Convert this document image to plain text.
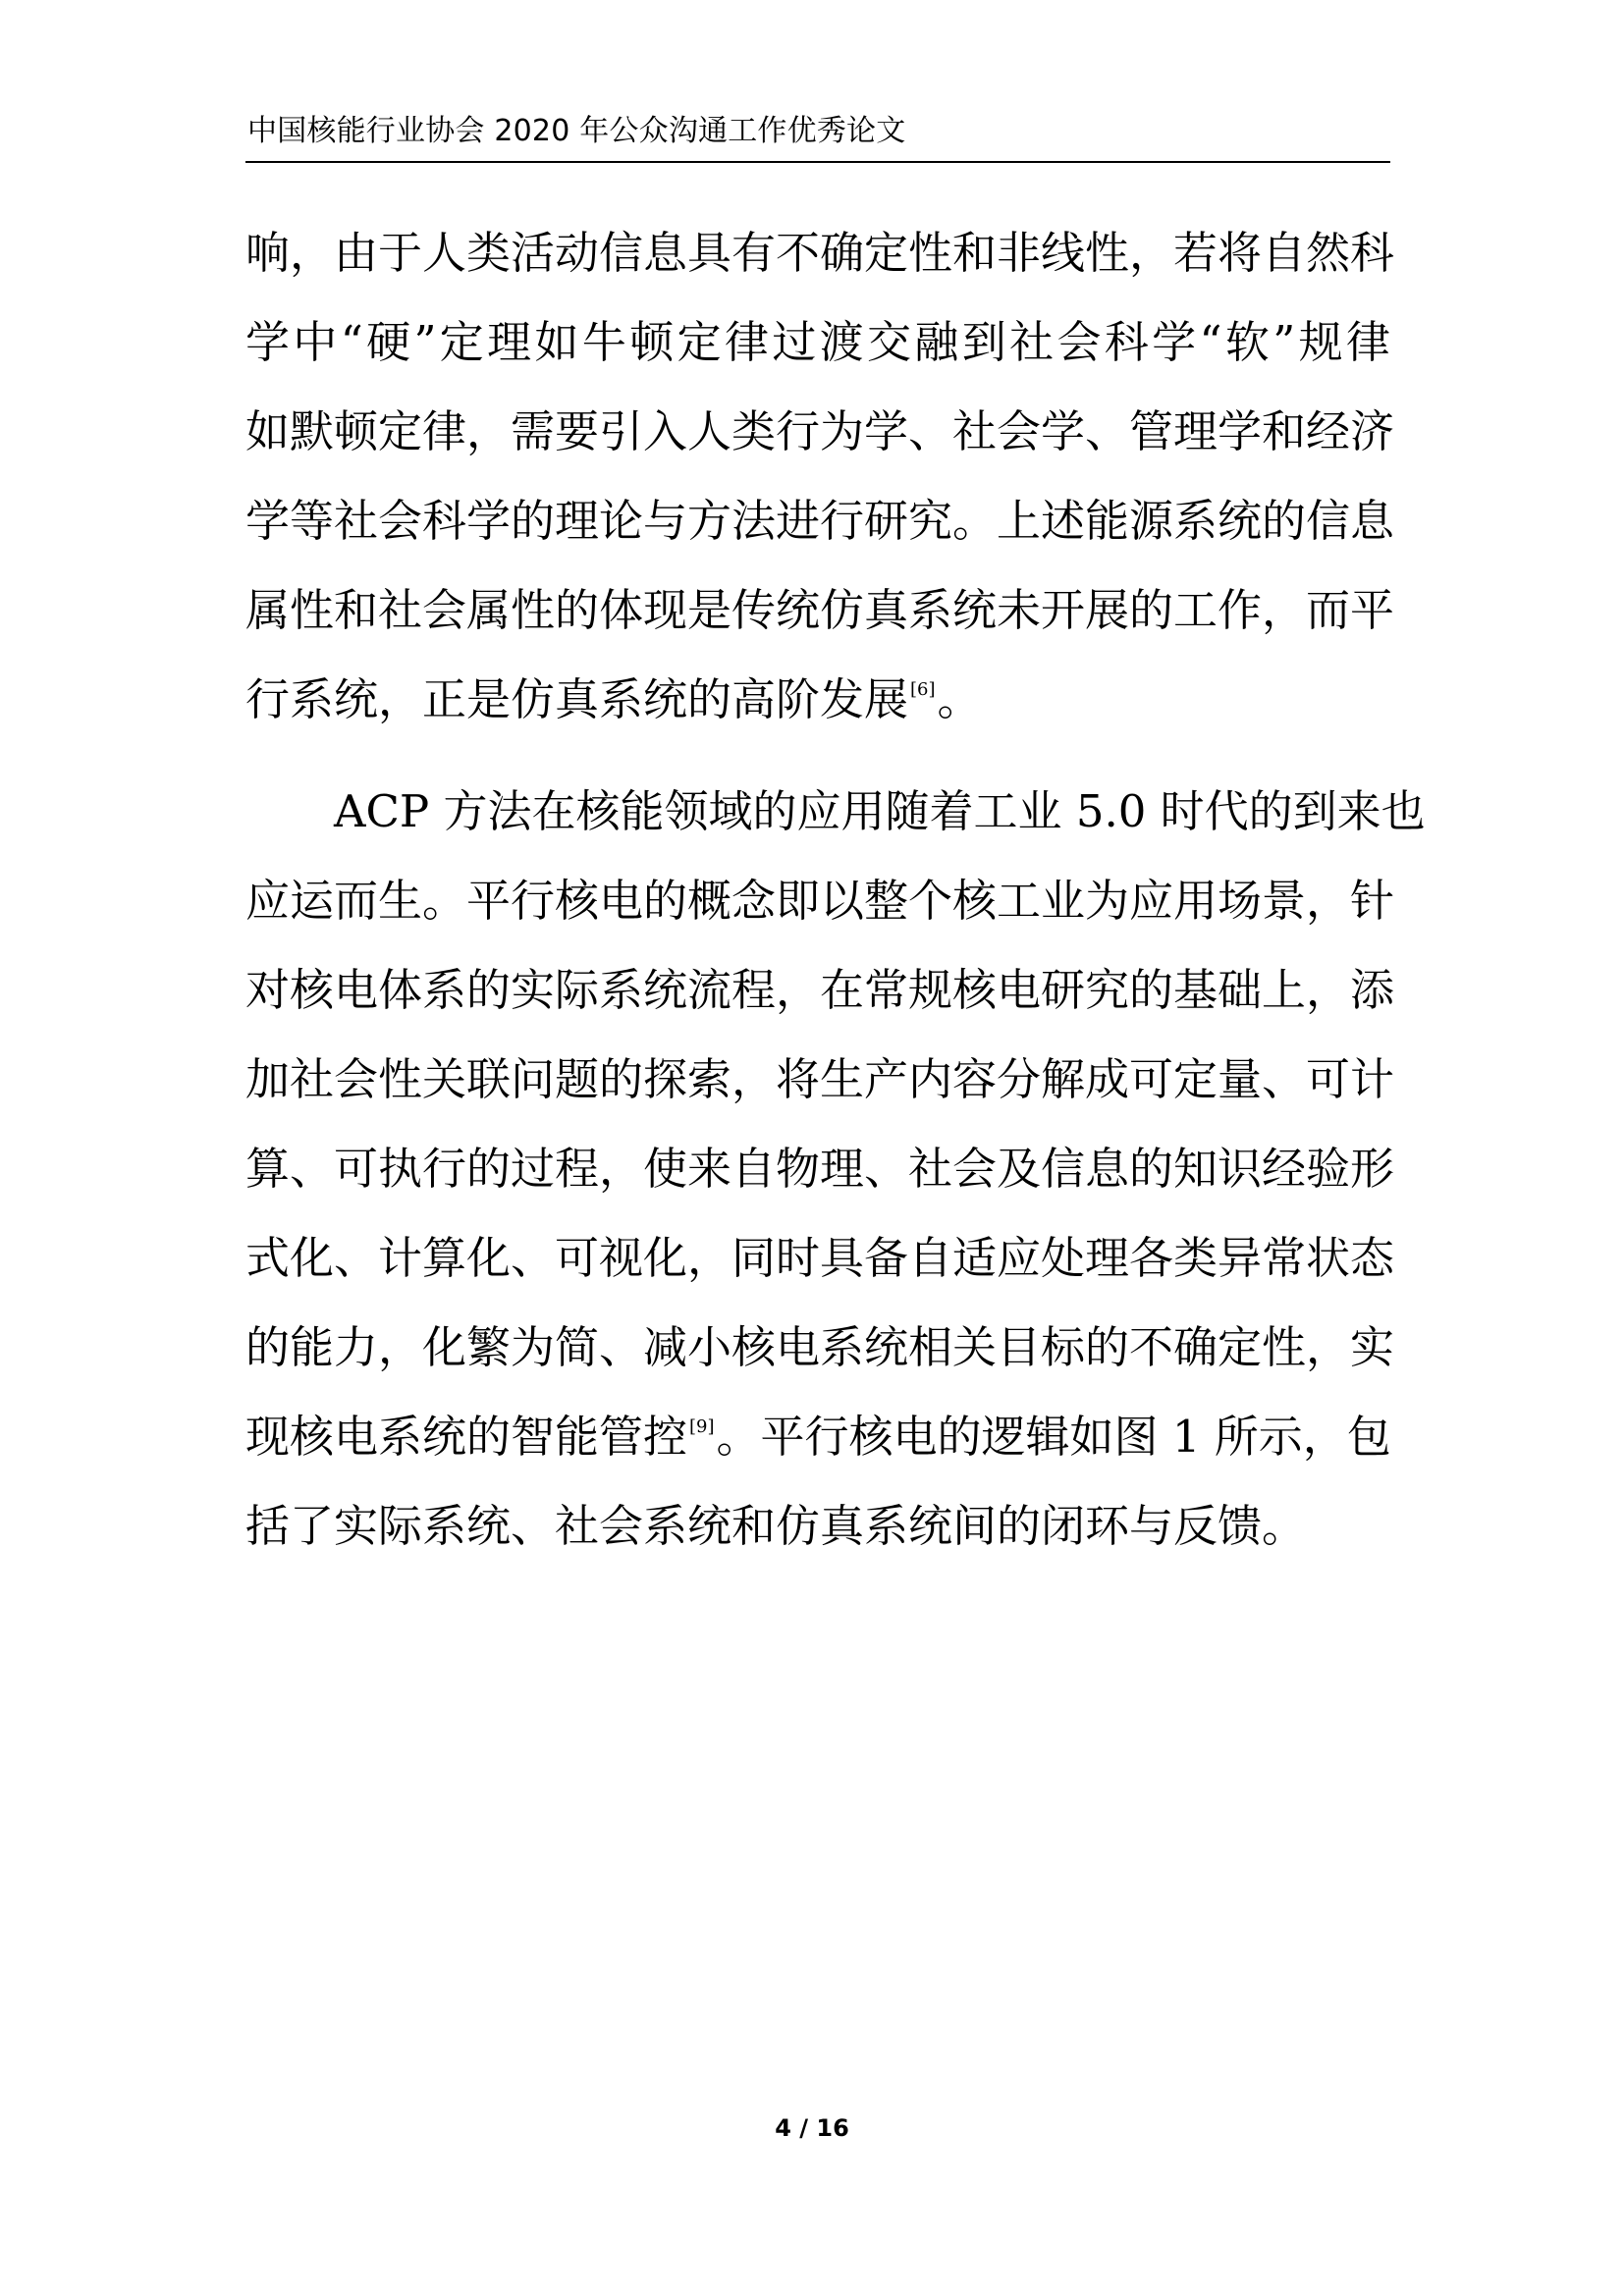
中国核能行业协会 2020 年公众沟通工作优秀论文
响，由于人类活动信息具有不确定性和非线性，若将自然科
学中“硬”定理如牛顿定律过渡交融到社会科学“软”规律
如默顿定律，需要引入人类行为学、社会学、管理学和经济
学等社会科学的理论与方法进行研究。上述能源系统的信息
属性和社会属性的体现是传统仿真系统未开展的工作，而平
行系统，正是仿真系统的高阶发展 [6]。
ACP 方法在核能领域的应用随着工业 5.0 时代的到来也
应运而生。平行核电的概念即以整个核工业为应用场景，针
对核电体系的实际系统流程，在常规核电研究的基础上，添
加社会性关联问题的探索，将生产内容分解成可定量、可计
算、可执行的过程，使来自物理、社会及信息的知识经验形
式化、计算化、可视化，同时具备自适应处理各类异常状态
的能力，化繁为简、减小核电系统相关目标的不确定性，实
现核电系统的智能管控 [9]。平行核电的逻辑如图 1 所示，包
括了实际系统、社会系统和仿真系统间的闭环与反馈。
4 / 16
